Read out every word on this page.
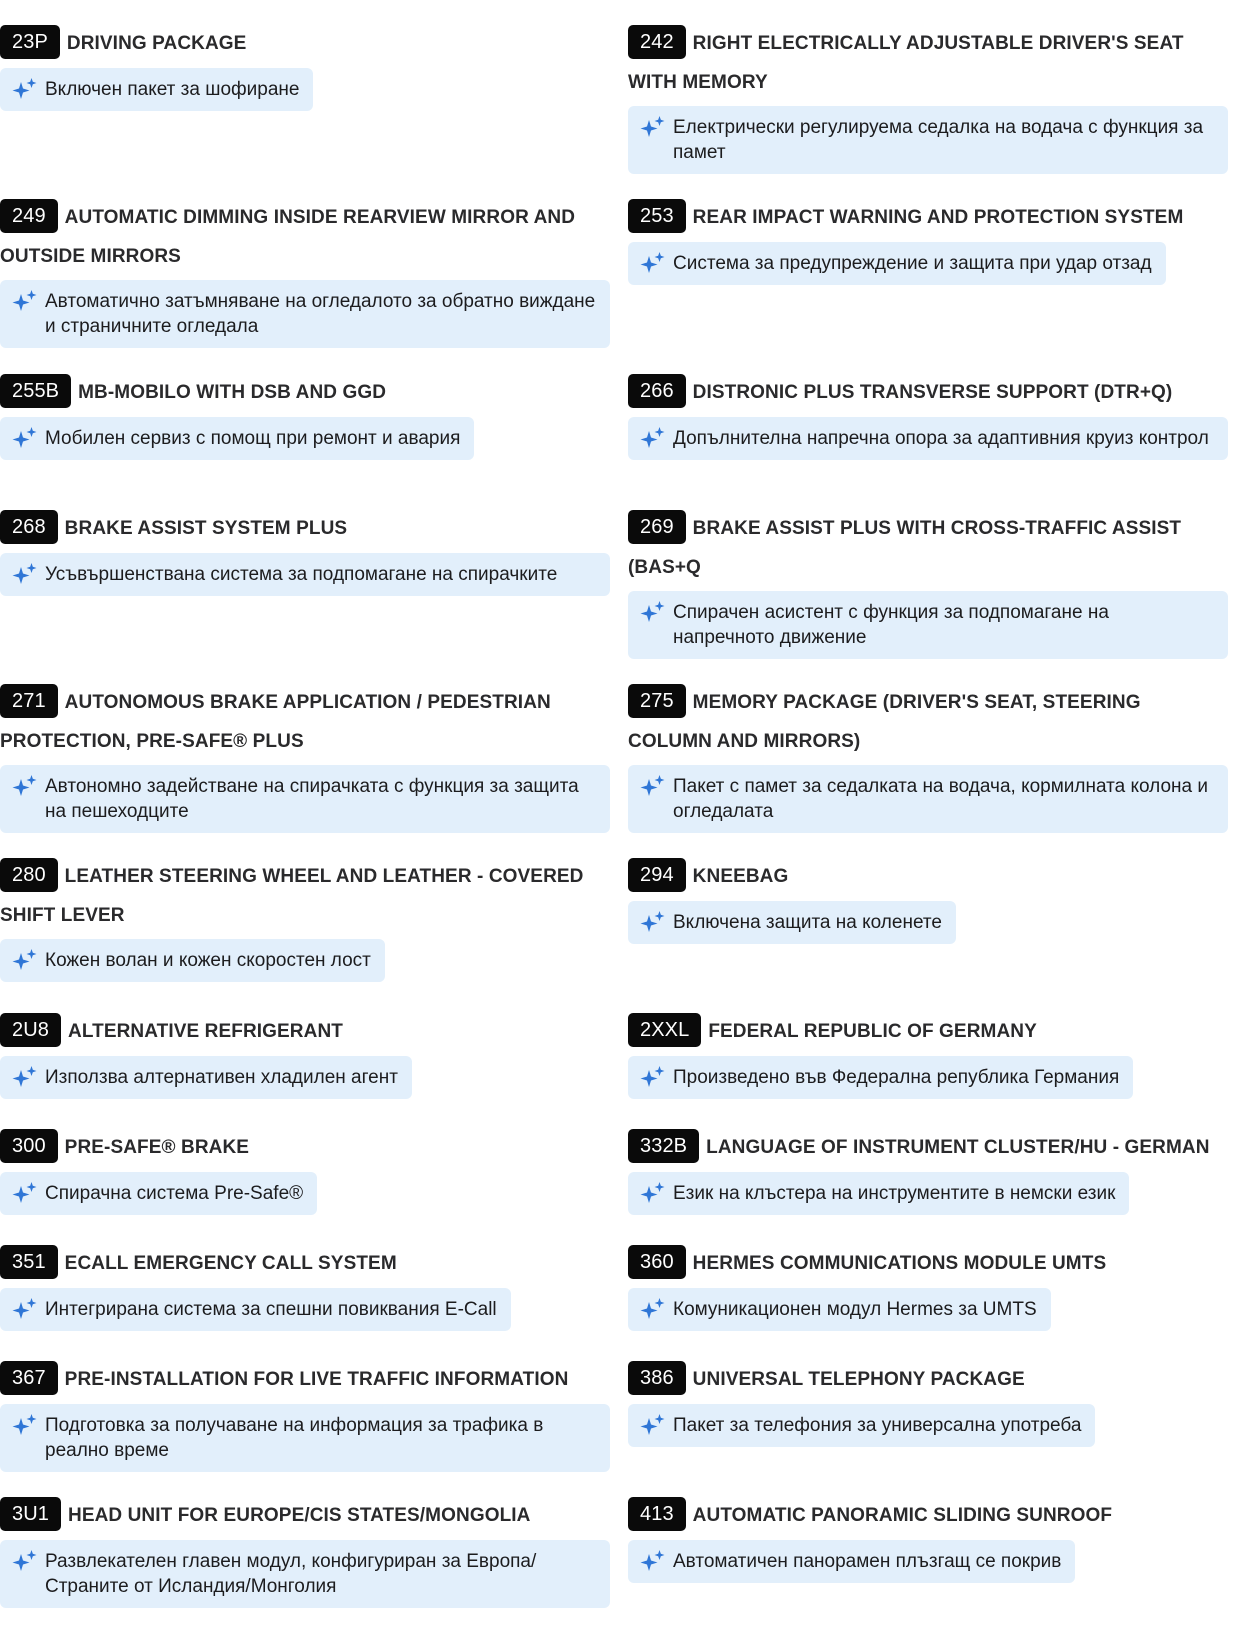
23P DRIVING PACKAGE
Включен пакет за шофиране
242 RIGHT ELECTRICALLY ADJUSTABLE DRIVER'S SEAT WITH MEMORY
Електрически регулируема седалка на водача с функция за памет
249 AUTOMATIC DIMMING INSIDE REARVIEW MIRROR AND OUTSIDE MIRRORS
Автоматично затъмняване на огледалото за обратно виждане и страничните огледала
253 REAR IMPACT WARNING AND PROTECTION SYSTEM
Система за предупреждение и защита при удар отзад
255B MB-MOBILO WITH DSB AND GGD
Мобилен сервиз с помощ при ремонт и авария
266 DISTRONIC PLUS TRANSVERSE SUPPORT (DTR+Q)
Допълнителна напречна опора за адаптивния круиз контрол
268 BRAKE ASSIST SYSTEM PLUS
Усъвършенствана система за подпомагане на спирачките
269 BRAKE ASSIST PLUS WITH CROSS-TRAFFIC ASSIST (BAS+Q
Спирачен асистент с функция за подпомагане на напречното движение
271 AUTONOMOUS BRAKE APPLICATION / PEDESTRIAN PROTECTION, PRE-SAFE® PLUS
Автономно задействане на спирачката с функция за защита на пешеходците
275 MEMORY PACKAGE (DRIVER'S SEAT, STEERING COLUMN AND MIRRORS)
Пакет с памет за седалката на водача, кормилната колона и огледалата
280 LEATHER STEERING WHEEL AND LEATHER - COVERED SHIFT LEVER
Кожен волан и кожен скоростен лост
294 KNEEBAG
Включена защита на коленете
2U8 ALTERNATIVE REFRIGERANT
Използва алтернативен хладилен агент
2XXL FEDERAL REPUBLIC OF GERMANY
Произведено във Федерална република Германия
300 PRE-SAFE® BRAKE
Спирачна система Pre-Safe®
332B LANGUAGE OF INSTRUMENT CLUSTER/HU - GERMAN
Език на клъстера на инструментите в немски език
351 ECALL EMERGENCY CALL SYSTEM
Интегрирана система за спешни повиквания E-Call
360 HERMES COMMUNICATIONS MODULE UMTS
Комуникационен модул Hermes за UMTS
367 PRE-INSTALLATION FOR LIVE TRAFFIC INFORMATION
Подготовка за получаване на информация за трафика в реално време
386 UNIVERSAL TELEPHONY PACKAGE
Пакет за телефония за универсална употреба
3U1 HEAD UNIT FOR EUROPE/CIS STATES/MONGOLIA
Развлекателен главен модул, конфигуриран за Европа/ Страните от Исландия/Монголия
413 AUTOMATIC PANORAMIC SLIDING SUNROOF
Автоматичен панорамен плъзгащ се покрив
